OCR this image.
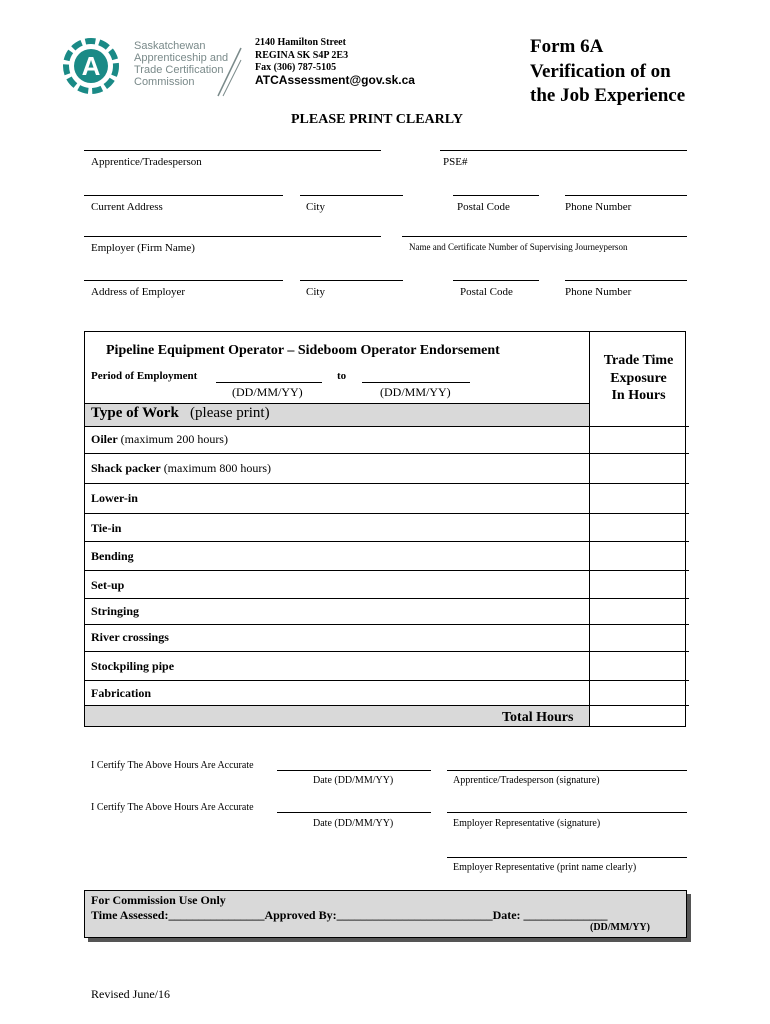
A
Saskatchewan
Apprenticeship and
Trade Certification
Commission
2140 Hamilton Street
REGINA SK S4P 2E3
Fax (306) 787-5105
ATCAssessment@gov.sk.ca
Form 6A
Verification of on
the Job Experience
PLEASE PRINT CLEARLY
Apprentice/Tradesperson	PSE#
Current Address	City	Postal Code	Phone Number
Employer (Firm Name)	Name and Certificate Number of Supervising Journeyperson
Address of Employer	City	Postal Code	Phone Number
Pipeline Equipment Operator – Sideboom Operator Endorsement
Trade Time
Exposure
In Hours
Period of Employment
(DD/MM/YY)
to
(DD/MM/YY)
Type of Work (please print)
Oiler (maximum 200 hours)
Shack packer (maximum 800 hours)
Lower-in
Tie-in
Bending
Set-up
Stringing
River crossings
Stockpiling pipe
Fabrication
Total Hours
I Certify The Above Hours Are Accurate
Date (DD/MM/YY)	Apprentice/Tradesperson (signature)
I Certify The Above Hours Are Accurate
Date (DD/MM/YY)	Employer Representative (signature)
Employer Representative (print name clearly)
For Commission Use Only
Time Assessed:________________Approved By:__________________________Date: ______________
(DD/MM/YY)
Revised June/16
